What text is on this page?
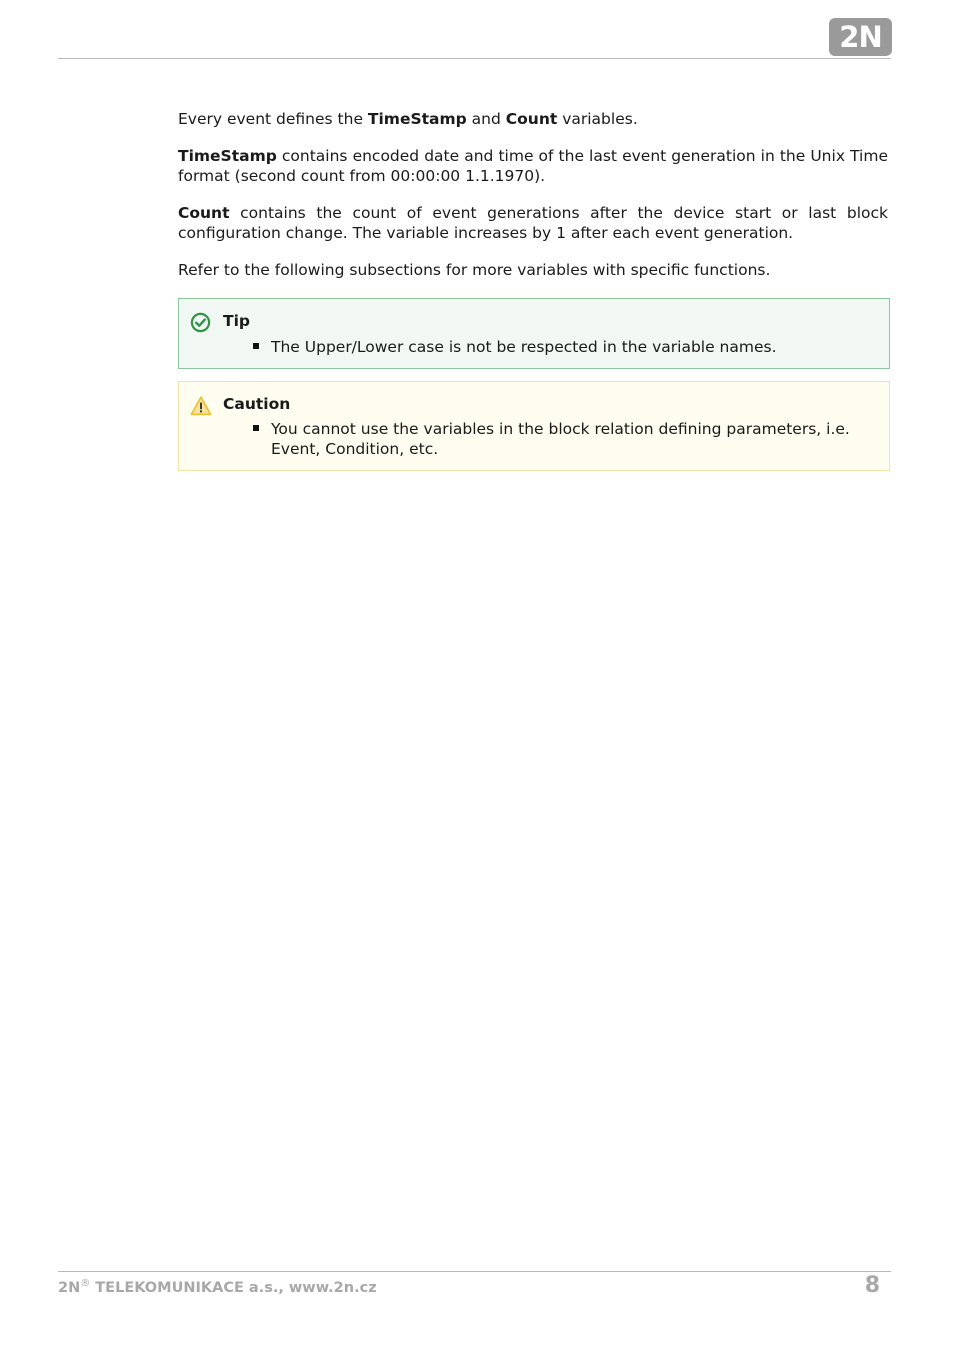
2N

Every event defines the TimeStamp and Count variables.

TimeStamp contains encoded date and time of the last event generation in the Unix Time format (second count from 00:00:00 1.1.1970).

Count contains the count of event generations after the device start or last block configuration change. The variable increases by 1 after each event generation.

Refer to the following subsections for more variables with specific functions.

Tip
The Upper/Lower case is not be respected in the variable names.
Caution
You cannot use the variables in the block relation defining parameters, i.e. Event, Condition, etc.
2N® TELEKOMUNIKACE a.s., www.2n.cz	8
